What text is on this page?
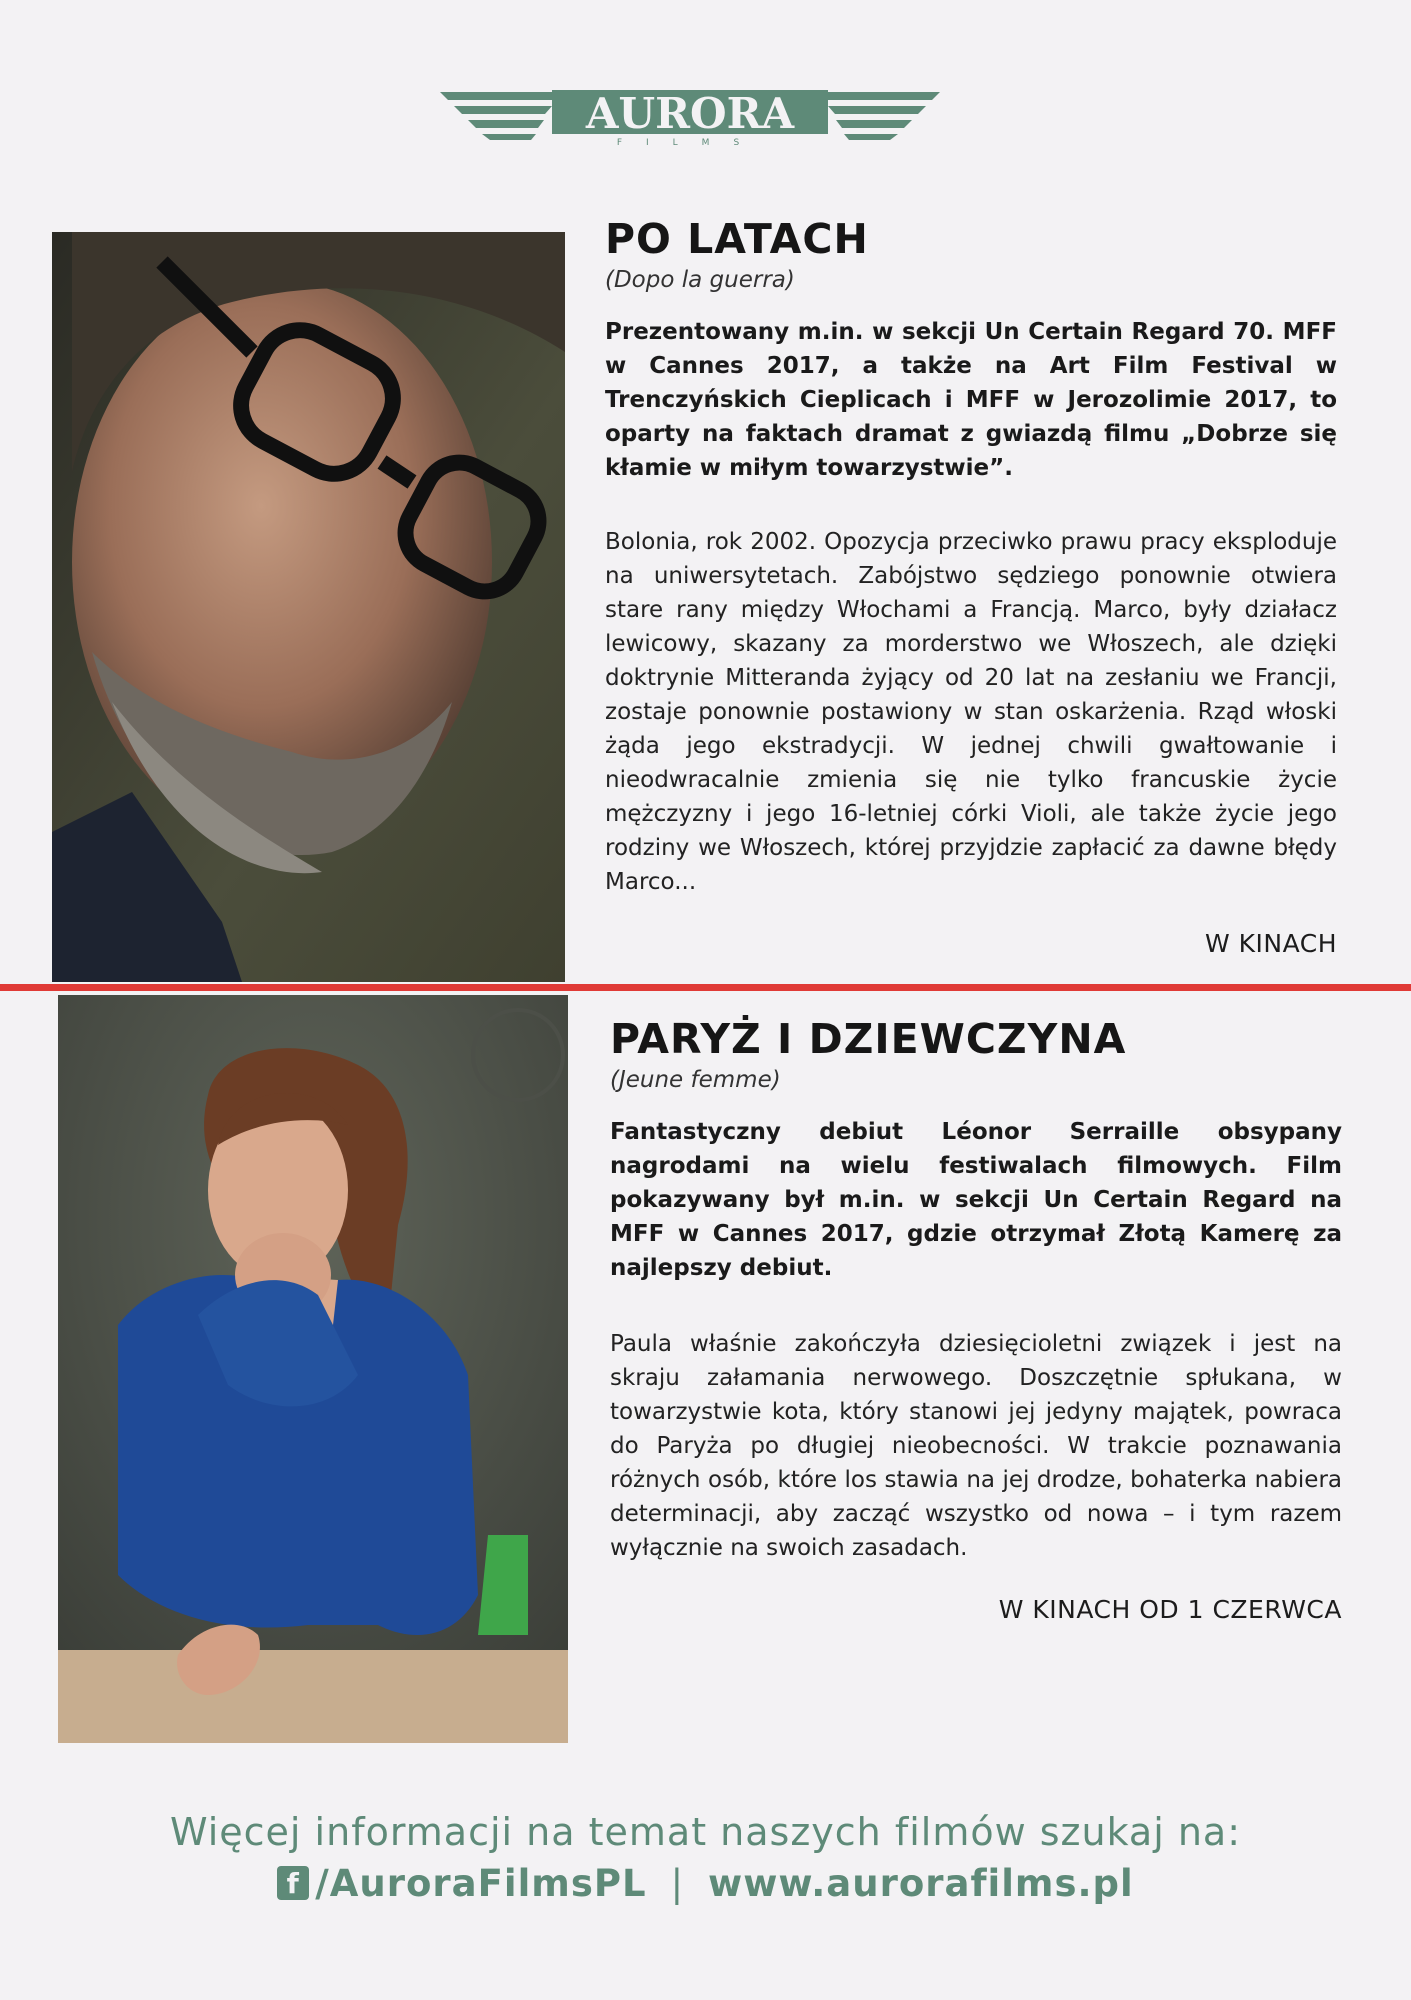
AURORA
FILMS
PO LATACH
(Dopo la guerra)

Prezentowany m.in. w sekcji Un Certain Regard 70. MFF w Cannes 2017, a także na Art Film Festival w Trenczyńskich Cieplicach i MFF w Jerozolimie 2017, to oparty na faktach dramat z gwiazdą filmu „Dobrze się kłamie w miłym towarzystwie”.

Bolonia, rok 2002. Opozycja przeciwko prawu pracy eksploduje na uniwersytetach. Zabójstwo sędziego ponownie otwiera stare rany między Włochami a Francją. Marco, były działacz lewicowy, skazany za morderstwo we Włoszech, ale dzięki doktrynie Mitteranda żyjący od 20 lat na zesłaniu we Francji, zostaje ponownie postawiony w stan oskarżenia. Rząd włoski żąda jego ekstradycji. W jednej chwili gwałtowanie i nieodwracalnie zmienia się nie tylko francuskie życie mężczyzny i jego 16-letniej córki Violi, ale także życie jego rodziny we Włoszech, której przyjdzie zapłacić za dawne błędy Marco...

W KINACH
PARYŻ I DZIEWCZYNA
(Jeune femme)

Fantastyczny debiut Léonor Serraille obsypany nagrodami na wielu festiwalach filmowych. Film pokazywany był m.in. w sekcji Un Certain Regard na MFF w Cannes 2017, gdzie otrzymał Złotą Kamerę za najlepszy debiut.

Paula właśnie zakończyła dziesięcioletni związek i jest na skraju załamania nerwowego. Doszczętnie spłukana, w towarzystwie kota, który stanowi jej jedyny majątek, powraca do Paryża po długiej nieobecności. W trakcie poznawania różnych osób, które los stawia na jej drodze, bohaterka nabiera determinacji, aby zacząć wszystko od nowa – i tym razem wyłącznie na swoich zasadach.

W KINACH OD 1 CZERWCA
Więcej informacji na temat naszych filmów szukaj na:
f /AuroraFilmsPL | www.aurorafilms.pl
